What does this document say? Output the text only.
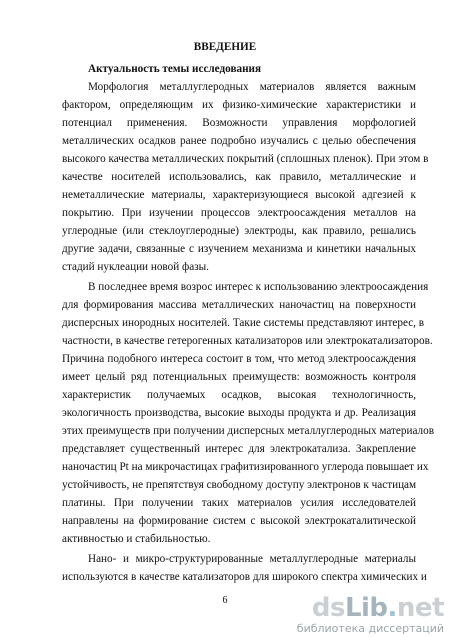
ВВЕДЕНИЕ
Актуальность темы исследования
Морфология металлуглеродных материалов является важным
фактором, определяющим их физико-химические характеристики и
потенциал применения. Возможности управления морфологией
металлических осадков ранее подробно изучались с целью обеспечения
высокого качества металлических покрытий (сплошных пленок). При этом в
качестве носителей использовались, как правило, металлические и
неметаллические материалы, характеризующиеся высокой адгезией к
покрытию. При изучении процессов электроосаждения металлов на
углеродные (или стеклоуглеродные) электроды, как правило, решались
другие задачи, связанные с изучением механизма и кинетики начальных
стадий нуклеации новой фазы.
В последнее время возрос интерес к использованию электроосаждения
для формирования массива металлических наночастиц на поверхности
дисперсных инородных носителей. Такие системы представляют интерес, в
частности, в качестве гетерогенных катализаторов или электрокатализаторов.
Причина подобного интереса состоит в том, что метод электроосаждения
имеет целый ряд потенциальных преимуществ: возможность контроля
характеристик получаемых осадков, высокая технологичность,
экологичность производства, высокие выходы продукта и др. Реализация
этих преимуществ при получении дисперсных металлуглеродных материалов
представляет существенный интерес для электрокатализа. Закрепление
наночастиц Pt на микрочастицах графитизированного углерода повышает их
устойчивость, не препятствуя свободному доступу электронов к частицам
платины. При получении таких материалов усилия исследователей
направлены на формирование систем с высокой электрокаталитической
активностью и стабильностью.
Нано- и микро-структурированные металлуглеродные материалы
используются в качестве катализаторов для широкого спектра химических и
6	dsLib.net
библиотека диссертаций
